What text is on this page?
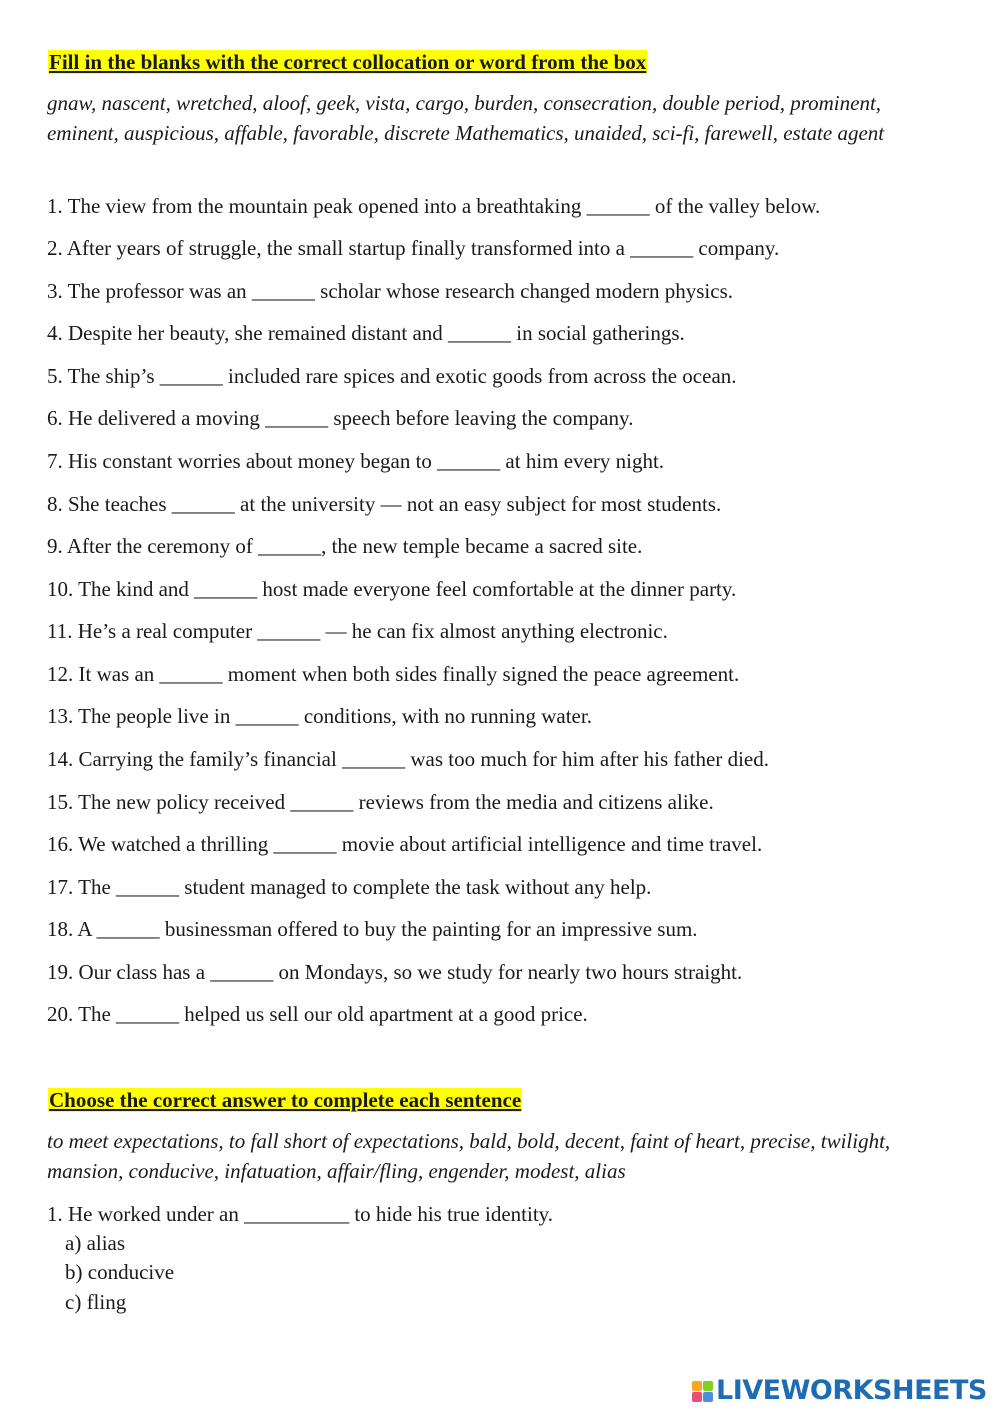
Fill in the blanks with the correct collocation or word from the box
gnaw, nascent, wretched, aloof, geek, vista, cargo, burden, consecration, double period, prominent, eminent, auspicious, affable, favorable, discrete Mathematics, unaided, sci-fi, farewell, estate agent
1. The view from the mountain peak opened into a breathtaking ______ of the valley below.
2. After years of struggle, the small startup finally transformed into a ______ company.
3. The professor was an ______ scholar whose research changed modern physics.
4. Despite her beauty, she remained distant and ______ in social gatherings.
5. The ship’s ______ included rare spices and exotic goods from across the ocean.
6. He delivered a moving ______ speech before leaving the company.
7. His constant worries about money began to ______ at him every night.
8. She teaches ______ at the university — not an easy subject for most students.
9. After the ceremony of ______, the new temple became a sacred site.
10. The kind and ______ host made everyone feel comfortable at the dinner party.
11. He’s a real computer ______ — he can fix almost anything electronic.
12. It was an ______ moment when both sides finally signed the peace agreement.
13. The people live in ______ conditions, with no running water.
14. Carrying the family’s financial ______ was too much for him after his father died.
15. The new policy received ______ reviews from the media and citizens alike.
16. We watched a thrilling ______ movie about artificial intelligence and time travel.
17. The ______ student managed to complete the task without any help.
18. A ______ businessman offered to buy the painting for an impressive sum.
19. Our class has a ______ on Mondays, so we study for nearly two hours straight.
20. The ______ helped us sell our old apartment at a good price.
Choose the correct answer to complete each sentence
to meet expectations, to fall short of expectations, bald, bold, decent, faint of heart, precise, twilight, mansion, conducive, infatuation, affair/fling, engender, modest, alias
1. He worked under an __________ to hide his true identity.
a) alias
b) conducive
c) fling
LIVEWORKSHEETS
